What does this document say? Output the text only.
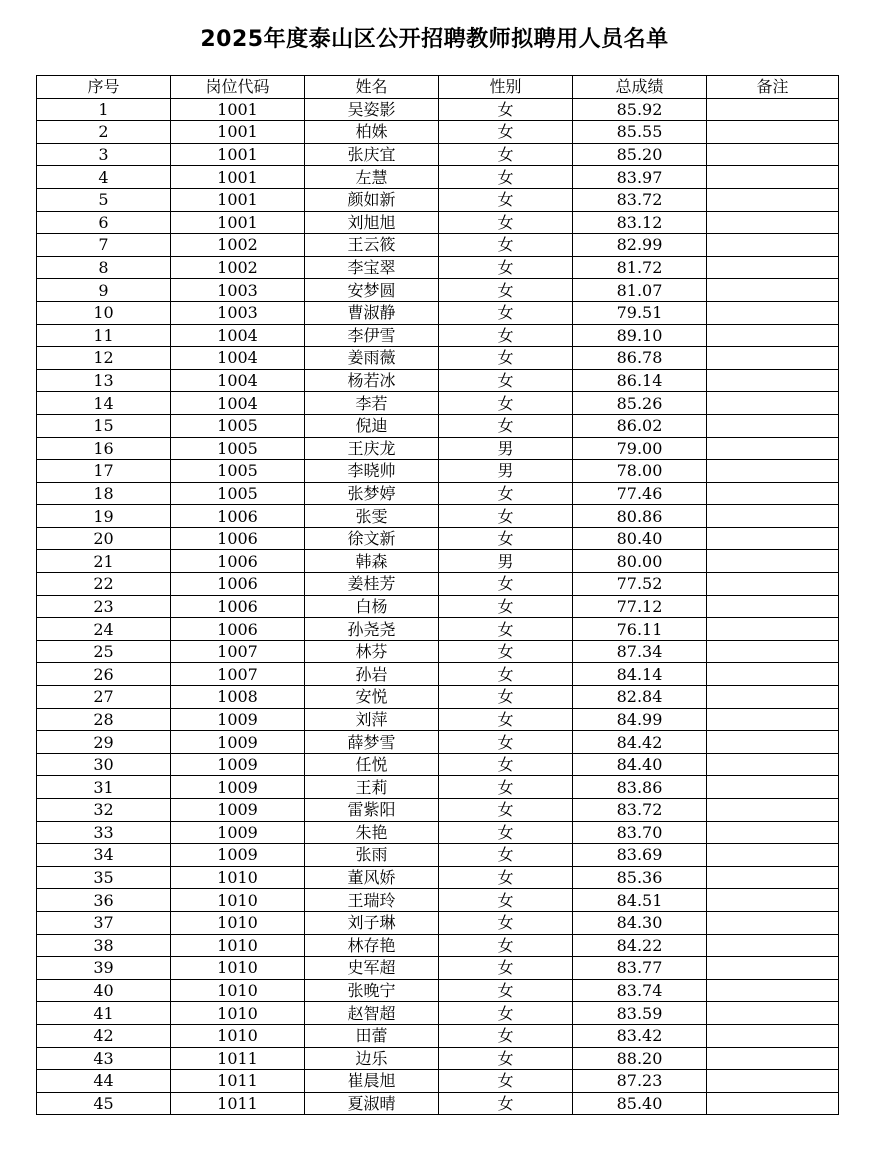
2025年度泰山区公开招聘教师拟聘用人员名单
序号	岗位代码	姓名	性别	总成绩	备注
1	1001	吴姿影	女	85.92	
2	1001	柏姝	女	85.55	
3	1001	张庆宜	女	85.20	
4	1001	左慧	女	83.97	
5	1001	颜如新	女	83.72	
6	1001	刘旭旭	女	83.12	
7	1002	王云筱	女	82.99	
8	1002	李宝翠	女	81.72	
9	1003	安梦圆	女	81.07	
10	1003	曹淑静	女	79.51	
11	1004	李伊雪	女	89.10	
12	1004	姜雨薇	女	86.78	
13	1004	杨若冰	女	86.14	
14	1004	李若	女	85.26	
15	1005	倪迪	女	86.02	
16	1005	王庆龙	男	79.00	
17	1005	李晓帅	男	78.00	
18	1005	张梦婷	女	77.46	
19	1006	张雯	女	80.86	
20	1006	徐文新	女	80.40	
21	1006	韩森	男	80.00	
22	1006	姜桂芳	女	77.52	
23	1006	白杨	女	77.12	
24	1006	孙尧尧	女	76.11	
25	1007	林芬	女	87.34	
26	1007	孙岩	女	84.14	
27	1008	安悦	女	82.84	
28	1009	刘萍	女	84.99	
29	1009	薛梦雪	女	84.42	
30	1009	任悦	女	84.40	
31	1009	王莉	女	83.86	
32	1009	雷紫阳	女	83.72	
33	1009	朱艳	女	83.70	
34	1009	张雨	女	83.69	
35	1010	董风娇	女	85.36	
36	1010	王瑞玲	女	84.51	
37	1010	刘子琳	女	84.30	
38	1010	林存艳	女	84.22	
39	1010	史军超	女	83.77	
40	1010	张晚宁	女	83.74	
41	1010	赵智超	女	83.59	
42	1010	田蕾	女	83.42	
43	1011	边乐	女	88.20	
44	1011	崔晨旭	女	87.23	
45	1011	夏淑晴	女	85.40	
